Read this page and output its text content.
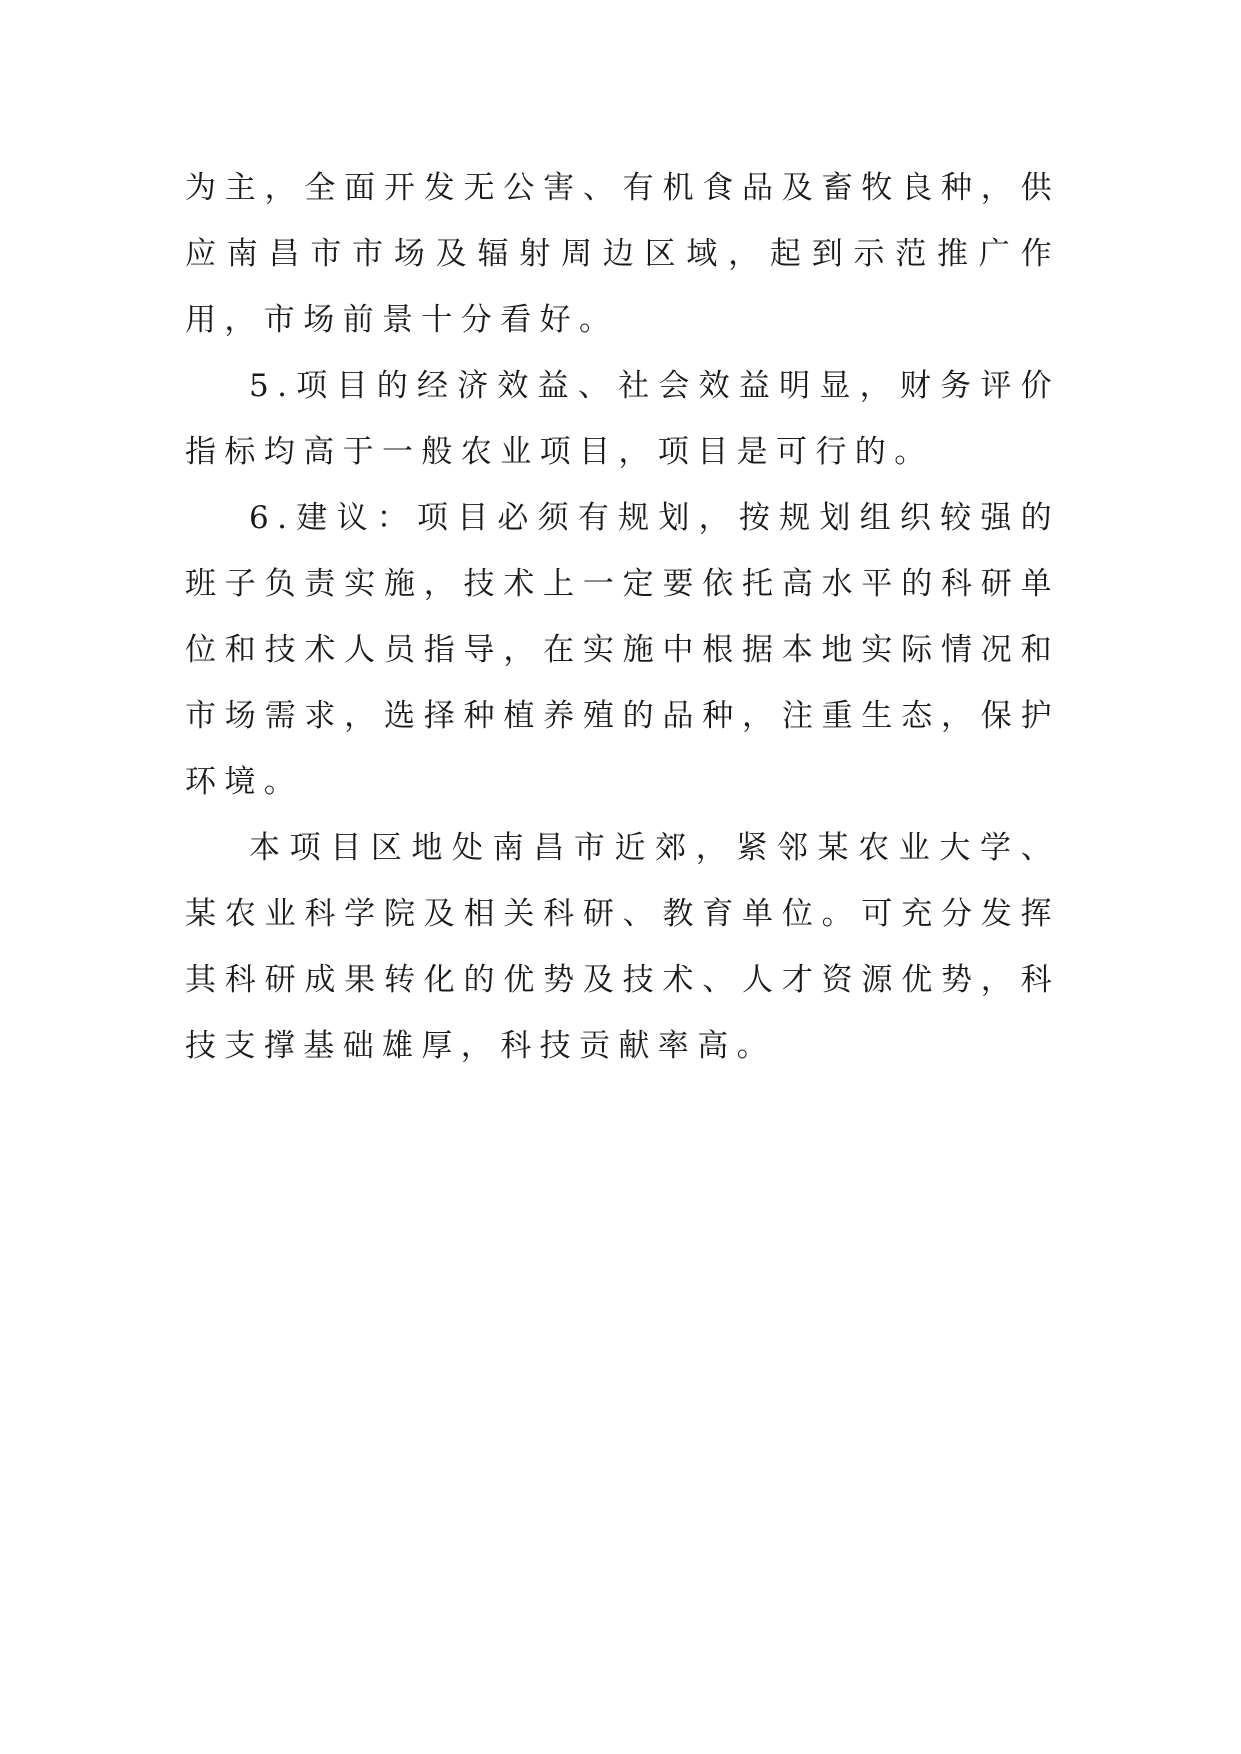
为主，全面开发无公害、有机食品及畜牧良种，供应南昌市市场及辐射周边区域，起到示范推广作用，市场前景十分看好。

5.项目的经济效益、社会效益明显，财务评价指标均高于一般农业项目，项目是可行的。

6.建议：项目必须有规划，按规划组织较强的班子负责实施，技术上一定要依托高水平的科研单位和技术人员指导，在实施中根据本地实际情况和市场需求，选择种植养殖的品种，注重生态，保护环境。

本项目区地处南昌市近郊，紧邻某农业大学、某农业科学院及相关科研、教育单位。可充分发挥其科研成果转化的优势及技术、人才资源优势，科技支撑基础雄厚，科技贡献率高。
